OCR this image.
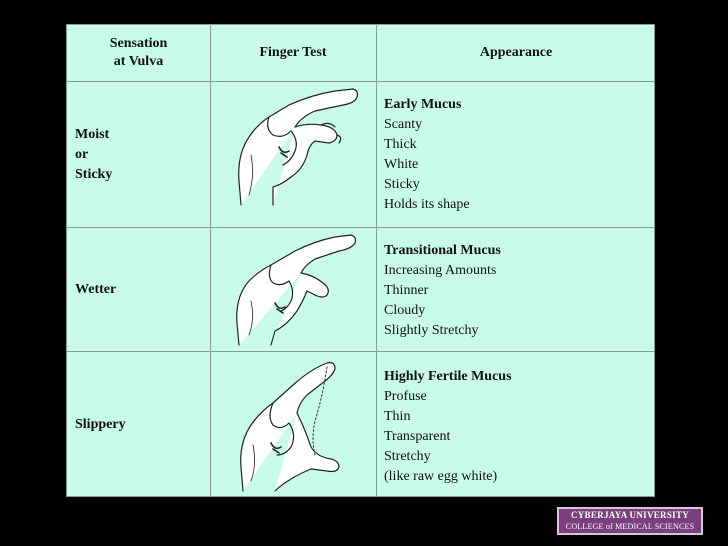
Sensation
at Vulva
Finger Test	Appearance
Moist
or
Sticky
Early Mucus
Scanty
Thick
White
Sticky
Holds its shape
Wetter
Transitional Mucus
Increasing Amounts
Thinner
Cloudy
Slightly Stretchy
Slippery
Highly Fertile Mucus
Profuse
Thin
Transparent
Stretchy
(like raw egg white)
CYBERJAYA UNIVERSITY
COLLEGE of MEDICAL SCIENCES
